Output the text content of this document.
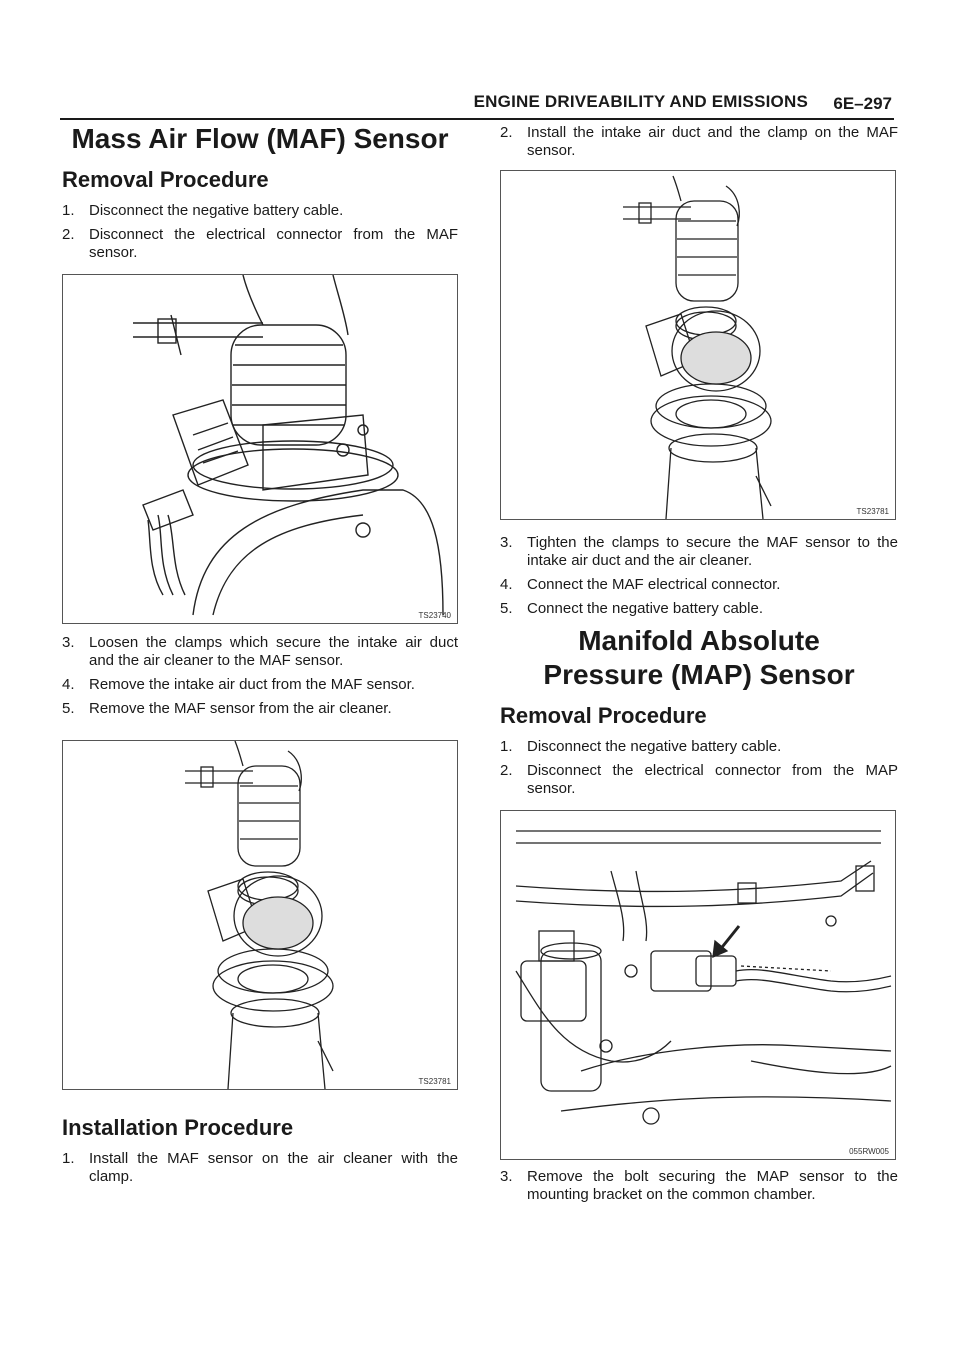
ENGINE DRIVEABILITY AND EMISSIONS 6E–297
Mass Air Flow (MAF) Sensor
Removal Procedure
1. Disconnect the negative battery cable.
2. Disconnect the electrical connector from the MAF sensor.
TS23740
3. Loosen the clamps which secure the intake air duct and the air cleaner to the MAF sensor.
4. Remove the intake air duct from the MAF sensor.
5. Remove the MAF sensor from the air cleaner.
TS23781
Installation Procedure
1. Install the MAF sensor on the air cleaner with the clamp.
2. Install the intake air duct and the clamp on the MAF sensor.
TS23781
3. Tighten the clamps to secure the MAF sensor to the intake air duct and the air cleaner.
4. Connect the MAF electrical connector.
5. Connect the negative battery cable.
Manifold Absolute Pressure (MAP) Sensor
Removal Procedure
1. Disconnect the negative battery cable.
2. Disconnect the electrical connector from the MAP sensor.
055RW005
3. Remove the bolt securing the MAP sensor to the mounting bracket on the common chamber.
